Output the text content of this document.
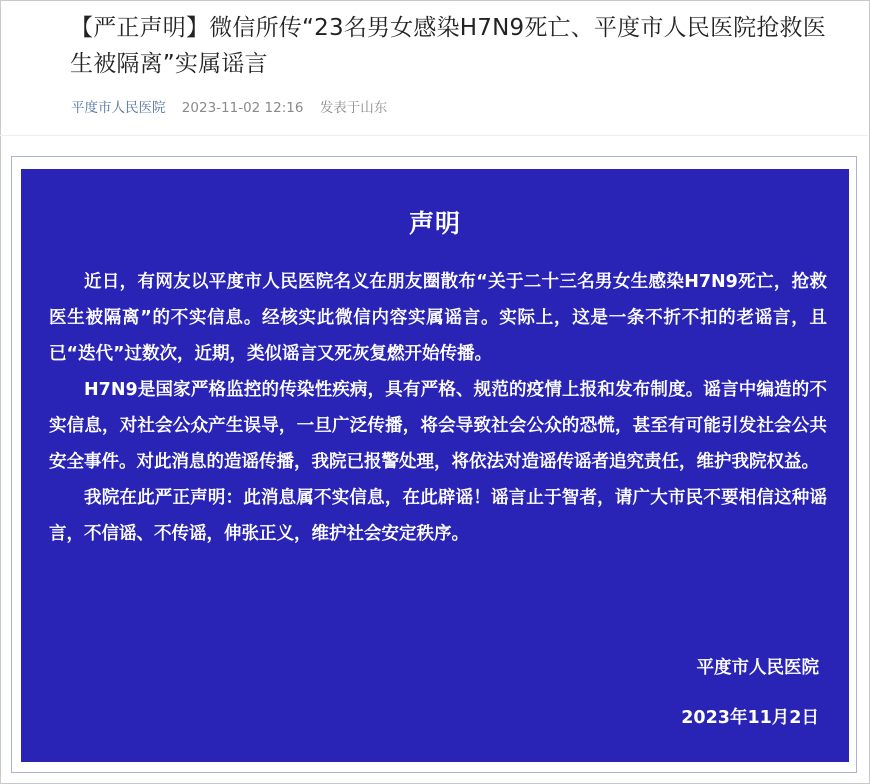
【严正声明】微信所传“23名男女感染H7N9死亡、平度市人民医院抢救医生被隔离”实属谣言
平度市人民医院 2023-11-02 12:16 发表于山东
声明

近日，有网友以平度市人民医院名义在朋友圈散布“关于二十三名男女生感染H7N9死亡，抢救医生被隔离”的不实信息。经核实此微信内容实属谣言。实际上，这是一条不折不扣的老谣言，且已“迭代”过数次，近期，类似谣言又死灰复燃开始传播。

H7N9是国家严格监控的传染性疾病，具有严格、规范的疫情上报和发布制度。谣言中编造的不实信息，对社会公众产生误导，一旦广泛传播，将会导致社会公众的恐慌，甚至有可能引发社会公共安全事件。对此消息的造谣传播，我院已报警处理，将依法对造谣传谣者追究责任，维护我院权益。

我院在此严正声明：此消息属不实信息，在此辟谣！谣言止于智者，请广大市民不要相信这种谣言，不信谣、不传谣，伸张正义，维护社会安定秩序。

平度市人民医院
2023年11月2日
